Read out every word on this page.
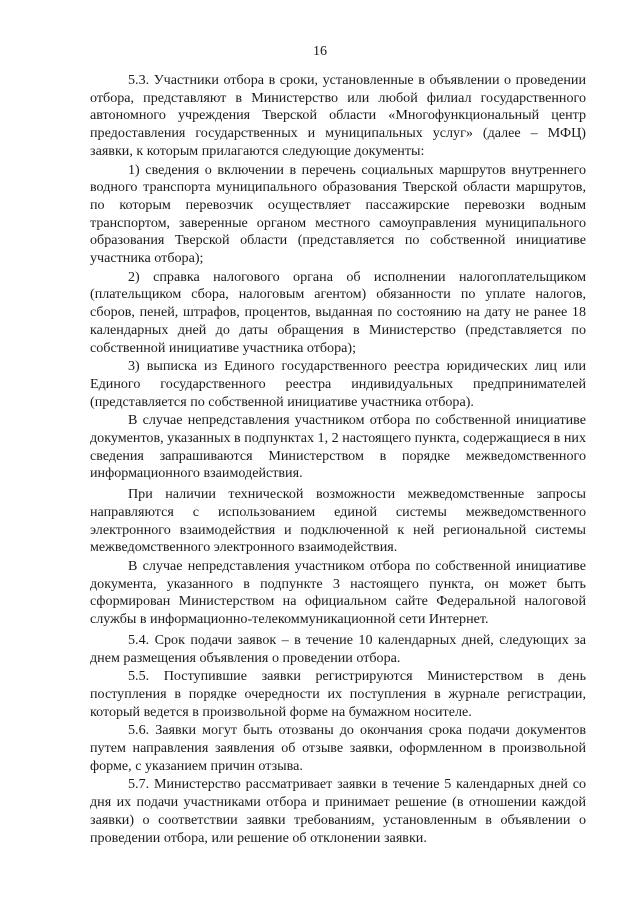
16

5.3. Участники отбора в сроки, установленные в объявлении о проведении отбора, представляют в Министерство или любой филиал государственного автономного учреждения Тверской области «Многофункциональный центр предоставления государственных и муниципальных услуг» (далее – МФЦ) заявки, к которым прилагаются следующие документы:

1) сведения о включении в перечень социальных маршрутов внутреннего водного транспорта муниципального образования Тверской области маршрутов, по которым перевозчик осуществляет пассажирские перевозки водным транспортом, заверенные органом местного самоуправления муниципального образования Тверской области (представляется по собственной инициативе участника отбора);

2) справка налогового органа об исполнении налогоплательщиком (плательщиком сбора, налоговым агентом) обязанности по уплате налогов, сборов, пеней, штрафов, процентов, выданная по состоянию на дату не ранее 18 календарных дней до даты обращения в Министерство (представляется по собственной инициативе участника отбора);

3) выписка из Единого государственного реестра юридических лиц или Единого государственного реестра индивидуальных предпринимателей (представляется по собственной инициативе участника отбора).

В случае непредставления участником отбора по собственной инициативе документов, указанных в подпунктах 1, 2 настоящего пункта, содержащиеся в них сведения запрашиваются Министерством в порядке межведомственного информационного взаимодействия.

При наличии технической возможности межведомственные запросы направляются с использованием единой системы межведомственного электронного взаимодействия и подключенной к ней региональной системы межведомственного электронного взаимодействия.

В случае непредставления участником отбора по собственной инициативе документа, указанного в подпункте 3 настоящего пункта, он может быть сформирован Министерством на официальном сайте Федеральной налоговой службы в информационно-телекоммуникационной сети Интернет.

5.4. Срок подачи заявок – в течение 10 календарных дней, следующих за днем размещения объявления о проведении отбора.

5.5. Поступившие заявки регистрируются Министерством в день поступления в порядке очередности их поступления в журнале регистрации, который ведется в произвольной форме на бумажном носителе.

5.6. Заявки могут быть отозваны до окончания срока подачи документов путем направления заявления об отзыве заявки, оформленном в произвольной форме, с указанием причин отзыва.

5.7. Министерство рассматривает заявки в течение 5 календарных дней со дня их подачи участниками отбора и принимает решение (в отношении каждой заявки) о соответствии заявки требованиям, установленным в объявлении о проведении отбора, или решение об отклонении заявки.
